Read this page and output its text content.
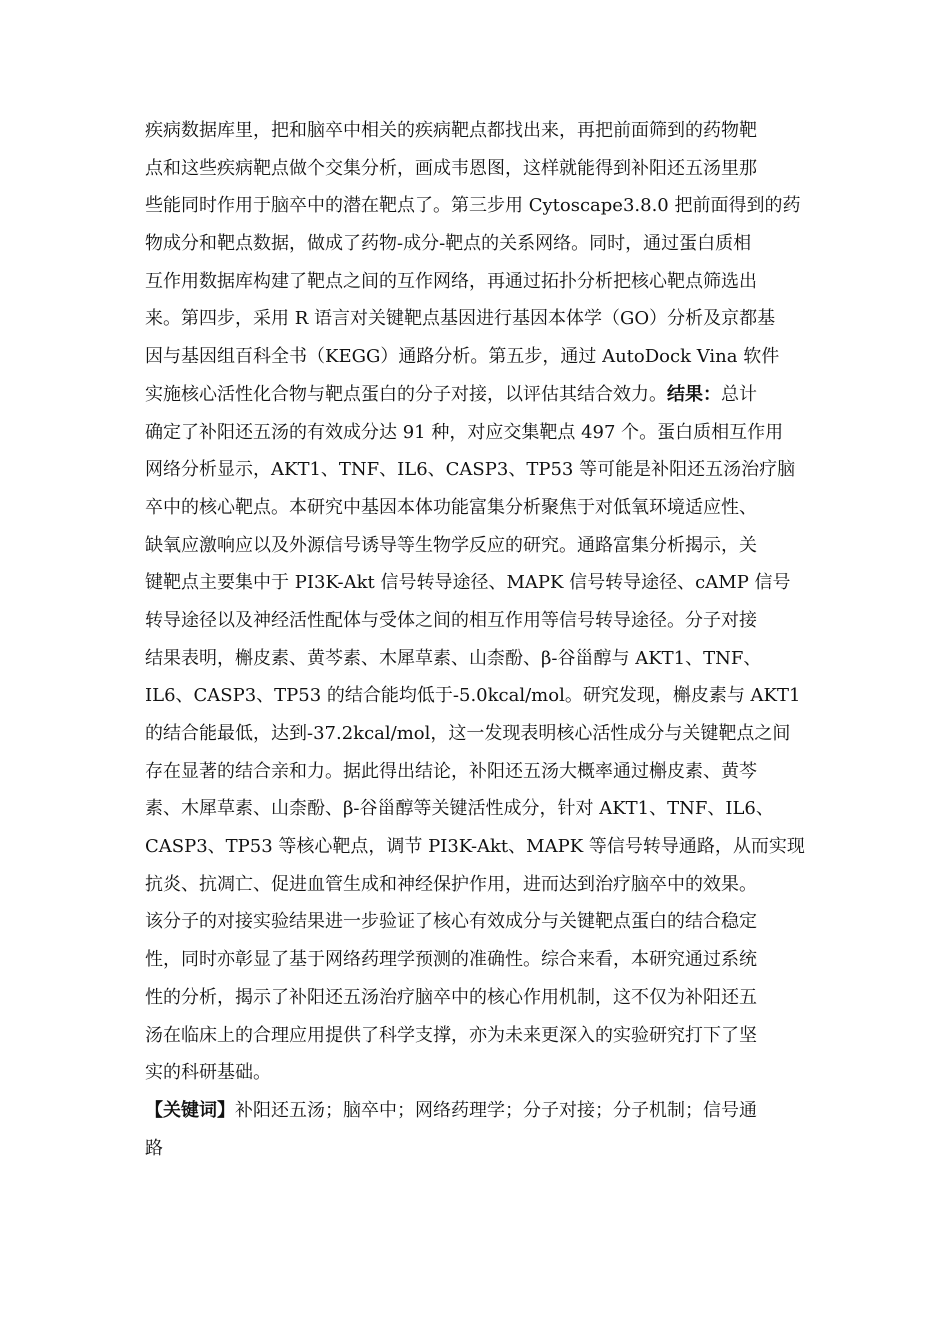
疾病数据库里，把和脑卒中相关的疾病靶点都找出来，再把前面筛到的药物靶
点和这些疾病靶点做个交集分析，画成韦恩图，这样就能得到补阳还五汤里那
些能同时作用于脑卒中的潜在靶点了。第三步用 Cytoscape3.8.0 把前面得到的药
物成分和靶点数据，做成了药物-成分-靶点的关系网络。同时，通过蛋白质相
互作用数据库构建了靶点之间的互作网络，再通过拓扑分析把核心靶点筛选出
来。第四步，采用 R 语言对关键靶点基因进行基因本体学（GO）分析及京都基
因与基因组百科全书（KEGG）通路分析。第五步，通过 AutoDock Vina 软件
实施核心活性化合物与靶点蛋白的分子对接，以评估其结合效力。结果：总计
确定了补阳还五汤的有效成分达 91 种，对应交集靶点 497 个。蛋白质相互作用
网络分析显示，AKT1、TNF、IL6、CASP3、TP53 等可能是补阳还五汤治疗脑
卒中的核心靶点。本研究中基因本体功能富集分析聚焦于对低氧环境适应性、
缺氧应激响应以及外源信号诱导等生物学反应的研究。通路富集分析揭示，关
键靶点主要集中于 PI3K-Akt 信号转导途径、MAPK 信号转导途径、cAMP 信号
转导途径以及神经活性配体与受体之间的相互作用等信号转导途径。分子对接
结果表明，槲皮素、黄芩素、木犀草素、山柰酚、β-谷甾醇与 AKT1、TNF、
IL6、CASP3、TP53 的结合能均低于-5.0kcal/mol。研究发现，槲皮素与 AKT1
的结合能最低，达到-37.2kcal/mol，这一发现表明核心活性成分与关键靶点之间
存在显著的结合亲和力。据此得出结论，补阳还五汤大概率通过槲皮素、黄芩
素、木犀草素、山柰酚、β-谷甾醇等关键活性成分，针对 AKT1、TNF、IL6、
CASP3、TP53 等核心靶点，调节 PI3K-Akt、MAPK 等信号转导通路，从而实现
抗炎、抗凋亡、促进血管生成和神经保护作用，进而达到治疗脑卒中的效果。
该分子的对接实验结果进一步验证了核心有效成分与关键靶点蛋白的结合稳定
性，同时亦彰显了基于网络药理学预测的准确性。综合来看，本研究通过系统
性的分析，揭示了补阳还五汤治疗脑卒中的核心作用机制，这不仅为补阳还五
汤在临床上的合理应用提供了科学支撑，亦为未来更深入的实验研究打下了坚
实的科研基础。
【关键词】补阳还五汤；脑卒中；网络药理学；分子对接；分子机制；信号通
路
